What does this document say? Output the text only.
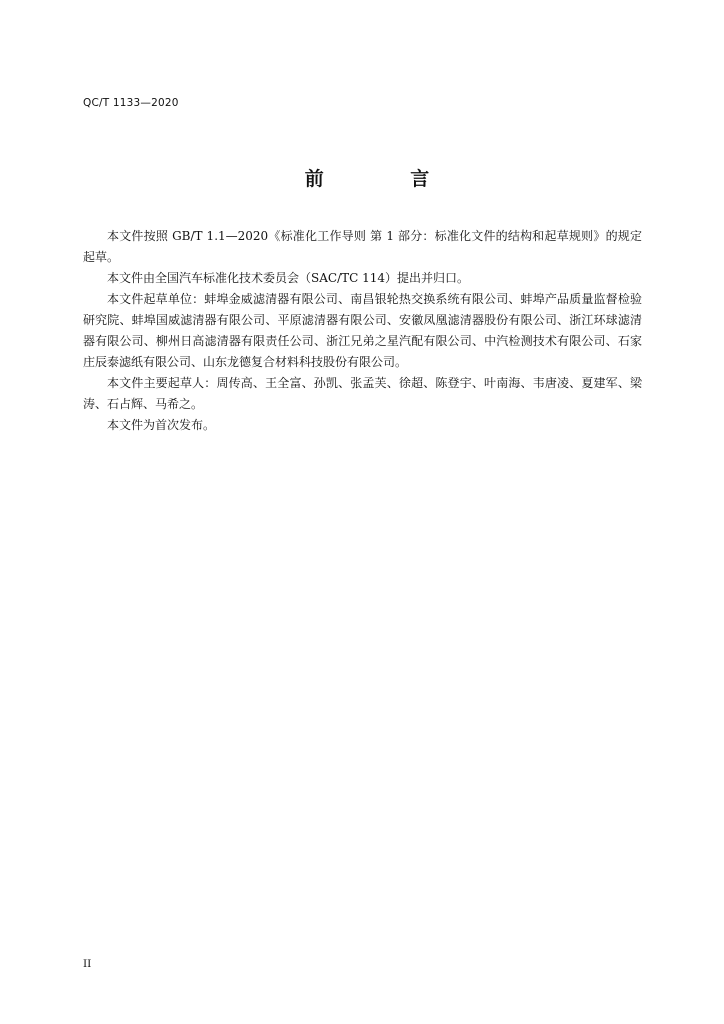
QC/T 1133—2020
前 言

本文件按照 GB/T 1.1—2020《标准化工作导则 第 1 部分：标准化文件的结构和起草规则》的规定起草。

本文件由全国汽车标准化技术委员会（SAC/TC 114）提出并归口。

本文件起草单位：蚌埠金威滤清器有限公司、南昌银轮热交换系统有限公司、蚌埠产品质量监督检验研究院、蚌埠国威滤清器有限公司、平原滤清器有限公司、安徽凤凰滤清器股份有限公司、浙江环球滤清器有限公司、柳州日高滤清器有限责任公司、浙江兄弟之星汽配有限公司、中汽检测技术有限公司、石家庄辰泰滤纸有限公司、山东龙德复合材料科技股份有限公司。

本文件主要起草人：周传高、王全富、孙凯、张孟芙、徐超、陈登宇、叶南海、韦唐凌、夏建军、梁涛、石占辉、马希之。

本文件为首次发布。

II
